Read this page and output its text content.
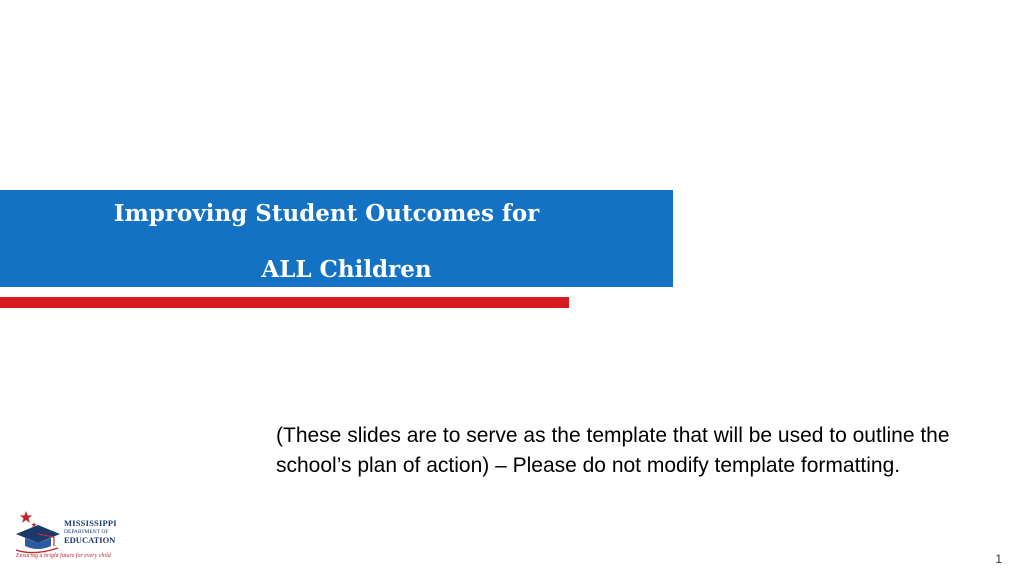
Improving Student Outcomes for
ALL Children
(These slides are to serve as the template that will be used to outline the school’s plan of action) – Please do not modify template formatting.
MISSISSIPPI
DEPARTMENT OF
EDUCATION
Ensuring a bright future for every child	1
